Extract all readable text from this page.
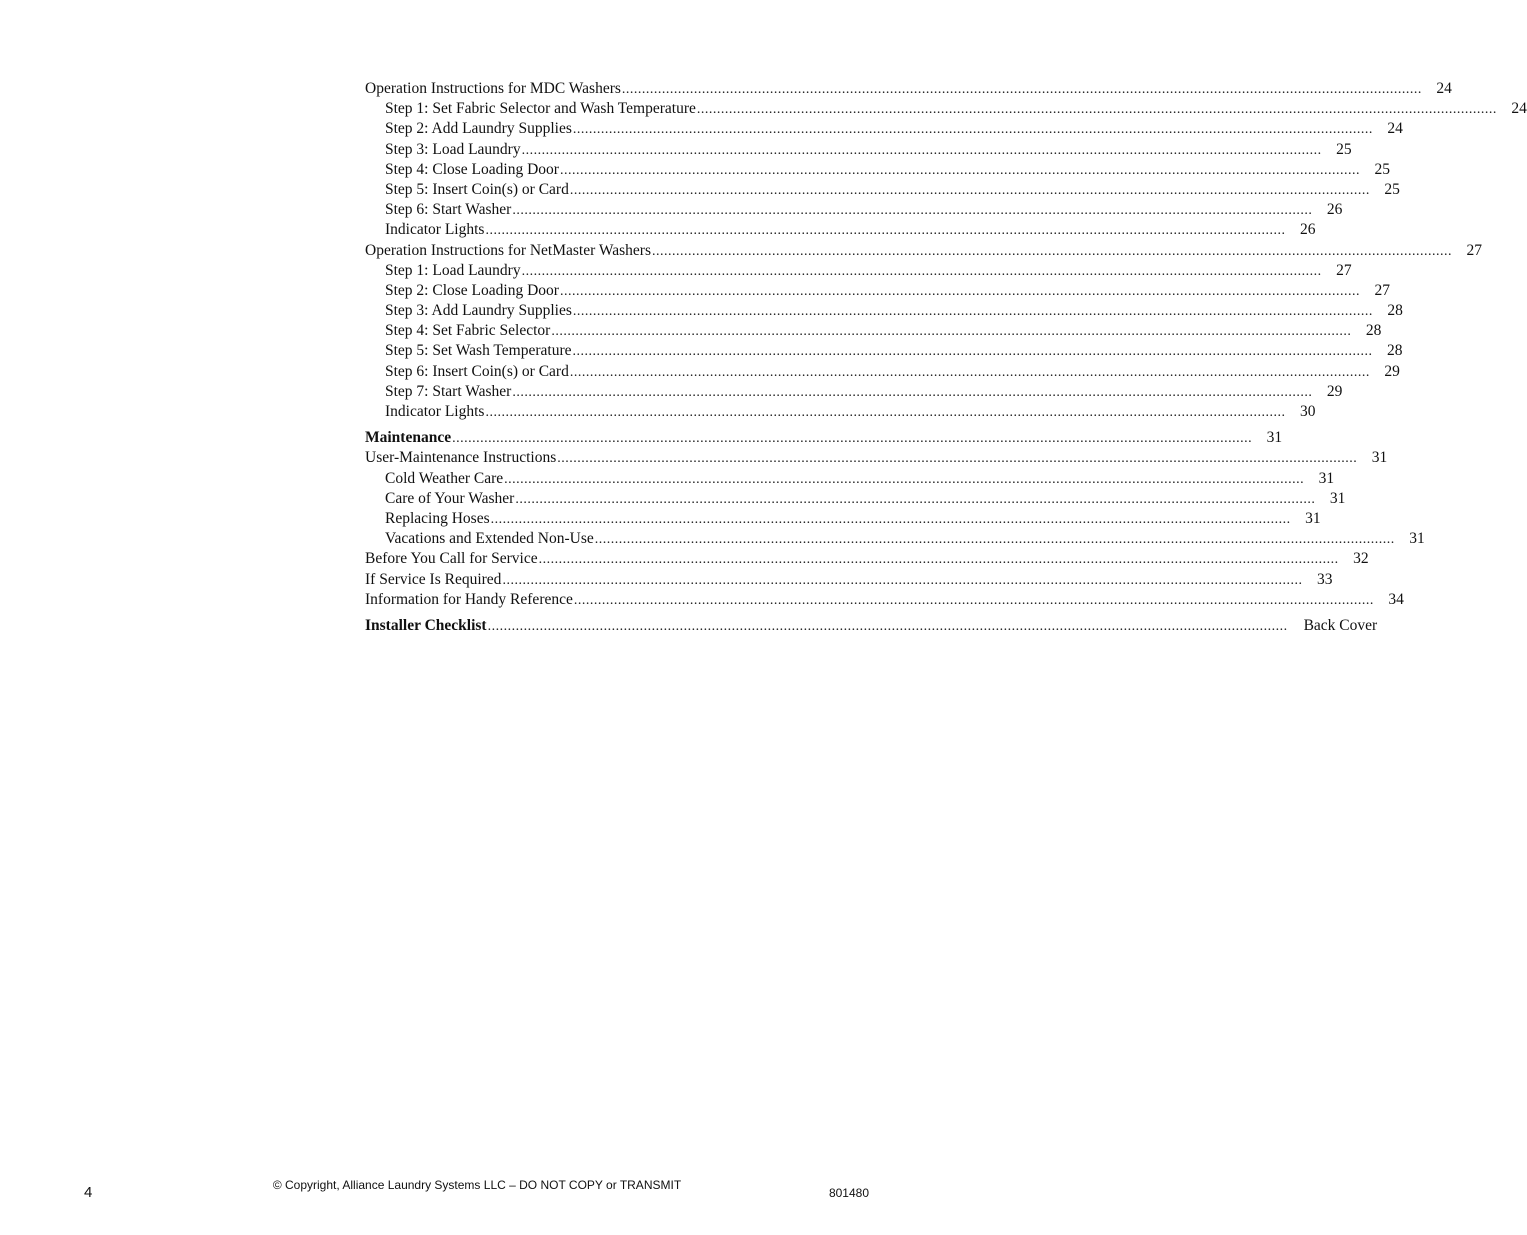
Operation Instructions for MDC Washers ........................................................................................................................................................................................................ 24
Step 1: Set Fabric Selector and Wash Temperature ........................................................................................................................................................................................................ 24
Step 2: Add Laundry Supplies ........................................................................................................................................................................................................ 24
Step 3: Load Laundry ........................................................................................................................................................................................................ 25
Step 4: Close Loading Door ........................................................................................................................................................................................................ 25
Step 5: Insert Coin(s) or Card ........................................................................................................................................................................................................ 25
Step 6: Start Washer ........................................................................................................................................................................................................ 26
Indicator Lights ........................................................................................................................................................................................................ 26
Operation Instructions for NetMaster Washers ........................................................................................................................................................................................................ 27
Step 1: Load Laundry ........................................................................................................................................................................................................ 27
Step 2: Close Loading Door ........................................................................................................................................................................................................ 27
Step 3: Add Laundry Supplies ........................................................................................................................................................................................................ 28
Step 4: Set Fabric Selector ........................................................................................................................................................................................................ 28
Step 5: Set Wash Temperature ........................................................................................................................................................................................................ 28
Step 6: Insert Coin(s) or Card ........................................................................................................................................................................................................ 29
Step 7: Start Washer ........................................................................................................................................................................................................ 29
Indicator Lights ........................................................................................................................................................................................................ 30
Maintenance ........................................................................................................................................................................................................ 31
User-Maintenance Instructions ........................................................................................................................................................................................................ 31
Cold Weather Care ........................................................................................................................................................................................................ 31
Care of Your Washer ........................................................................................................................................................................................................ 31
Replacing Hoses ........................................................................................................................................................................................................ 31
Vacations and Extended Non-Use ........................................................................................................................................................................................................ 31
Before You Call for Service ........................................................................................................................................................................................................ 32
If Service Is Required ........................................................................................................................................................................................................ 33
Information for Handy Reference ........................................................................................................................................................................................................ 34
Installer Checklist ........................................................................................................................................................................................................ Back Cover
4	© Copyright, Alliance Laundry Systems LLC – DO NOT COPY or TRANSMIT
801480
